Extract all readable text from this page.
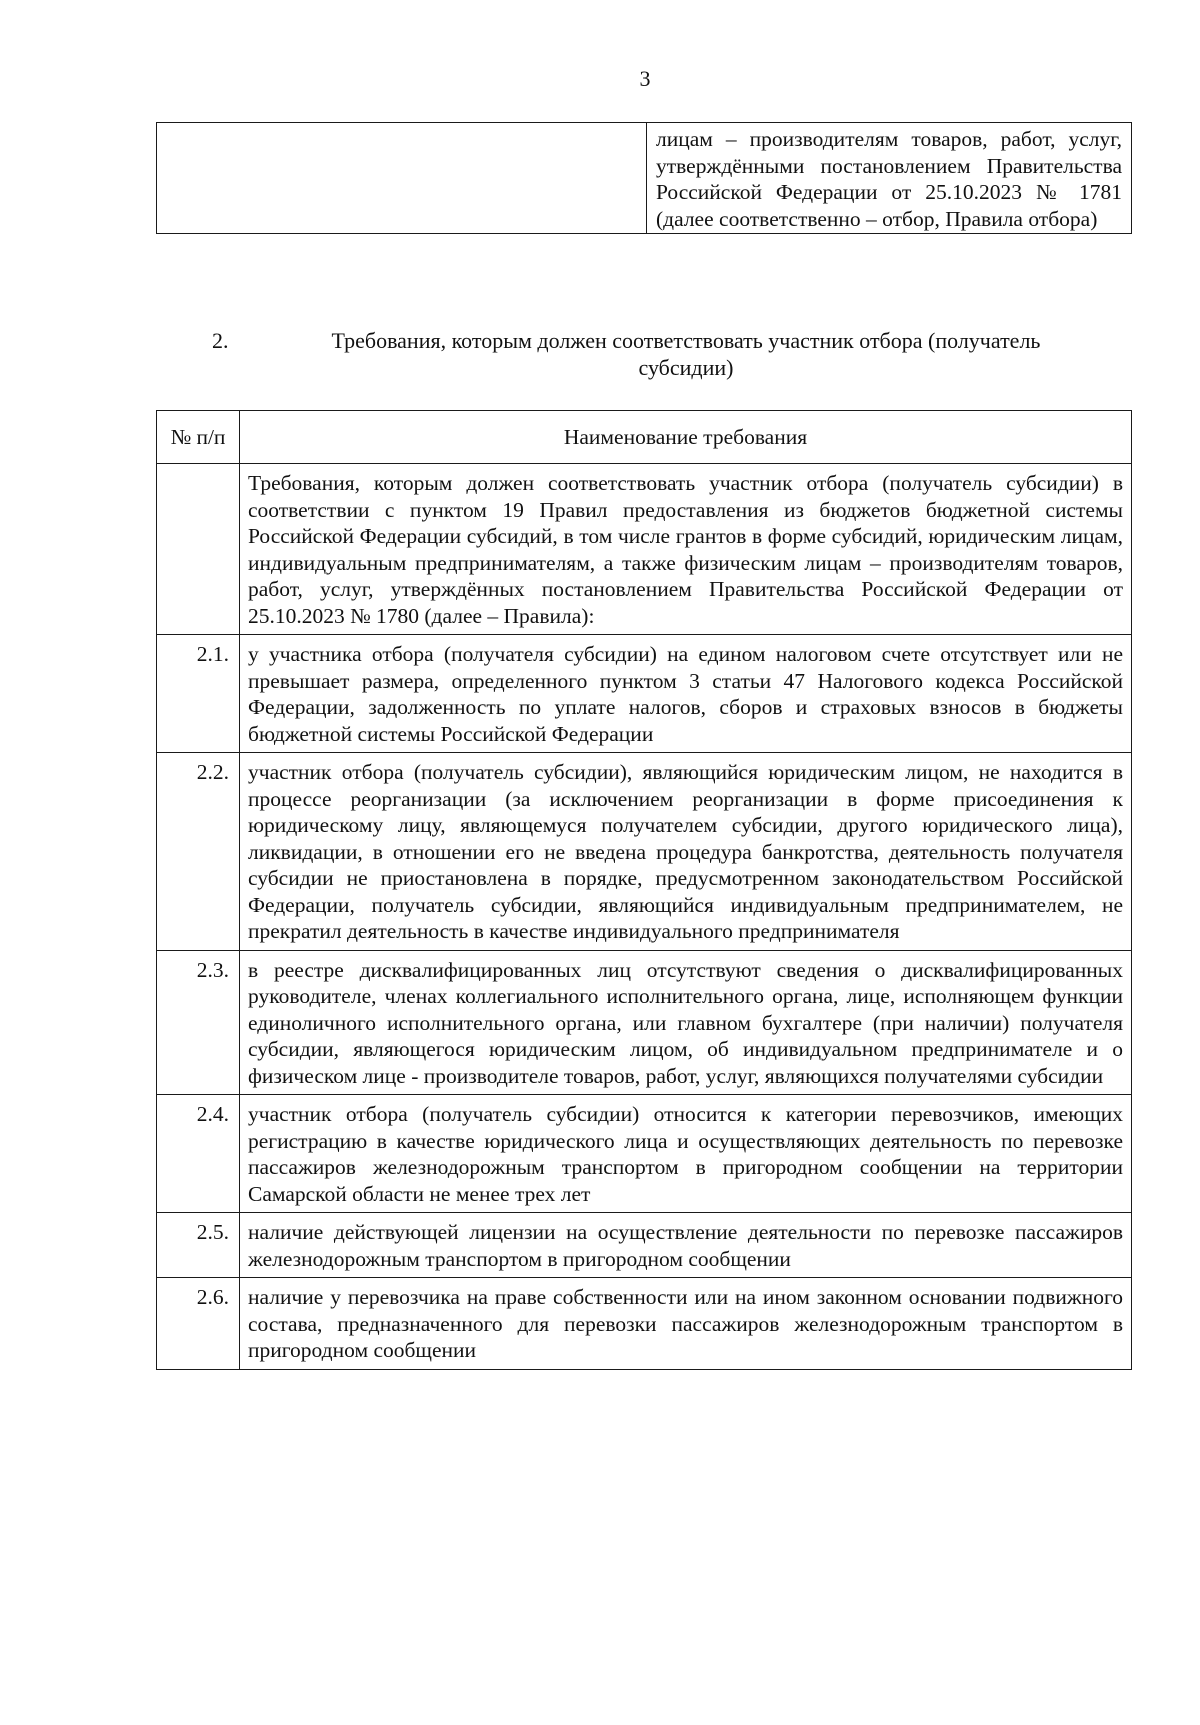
3
	лицам – производителям товаров, работ, услуг, утверждёнными постановлением Правительства Российской Федерации от 25.10.2023 № 1781 (далее соответственно – отбор, Правила отбора)
2.	Требования, которым должен соответствовать участник отбора (получатель субсидии)
№ п/п	Наименование требования
	Требования, которым должен соответствовать участник отбора (получатель субсидии) в соответствии с пунктом 19 Правил предоставления из бюджетов бюджетной системы Российской Федерации субсидий, в том числе грантов в форме субсидий, юридическим лицам, индивидуальным предпринимателям, а также физическим лицам – производителям товаров, работ, услуг, утверждённых постановлением Правительства Российской Федерации от 25.10.2023 № 1780 (далее – Правила):
2.1.	у участника отбора (получателя субсидии) на едином налоговом счете отсутствует или не превышает размера, определенного пунктом 3 статьи 47 Налогового кодекса Российской Федерации, задолженность по уплате налогов, сборов и страховых взносов в бюджеты бюджетной системы Российской Федерации
2.2.	участник отбора (получатель субсидии), являющийся юридическим лицом, не находится в процессе реорганизации (за исключением реорганизации в форме присоединения к юридическому лицу, являющемуся получателем субсидии, другого юридического лица), ликвидации, в отношении его не введена процедура банкротства, деятельность получателя субсидии не приостановлена в порядке, предусмотренном законодательством Российской Федерации, получатель субсидии, являющийся индивидуальным предпринимателем, не прекратил деятельность в качестве индивидуального предпринимателя
2.3.	в реестре дисквалифицированных лиц отсутствуют сведения о дисквалифицированных руководителе, членах коллегиального исполнительного органа, лице, исполняющем функции единоличного исполнительного органа, или главном бухгалтере (при наличии) получателя субсидии, являющегося юридическим лицом, об индивидуальном предпринимателе и о физическом лице - производителе товаров, работ, услуг, являющихся получателями субсидии
2.4.	участник отбора (получатель субсидии) относится к категории перевозчиков, имеющих регистрацию в качестве юридического лица и осуществляющих деятельность по перевозке пассажиров железнодорожным транспортом в пригородном сообщении на территории Самарской области не менее трех лет
2.5.	наличие действующей лицензии на осуществление деятельности по перевозке пассажиров железнодорожным транспортом в пригородном сообщении
2.6.	наличие у перевозчика на праве собственности или на ином законном основании подвижного состава, предназначенного для перевозки пассажиров железнодорожным транспортом в пригородном сообщении
